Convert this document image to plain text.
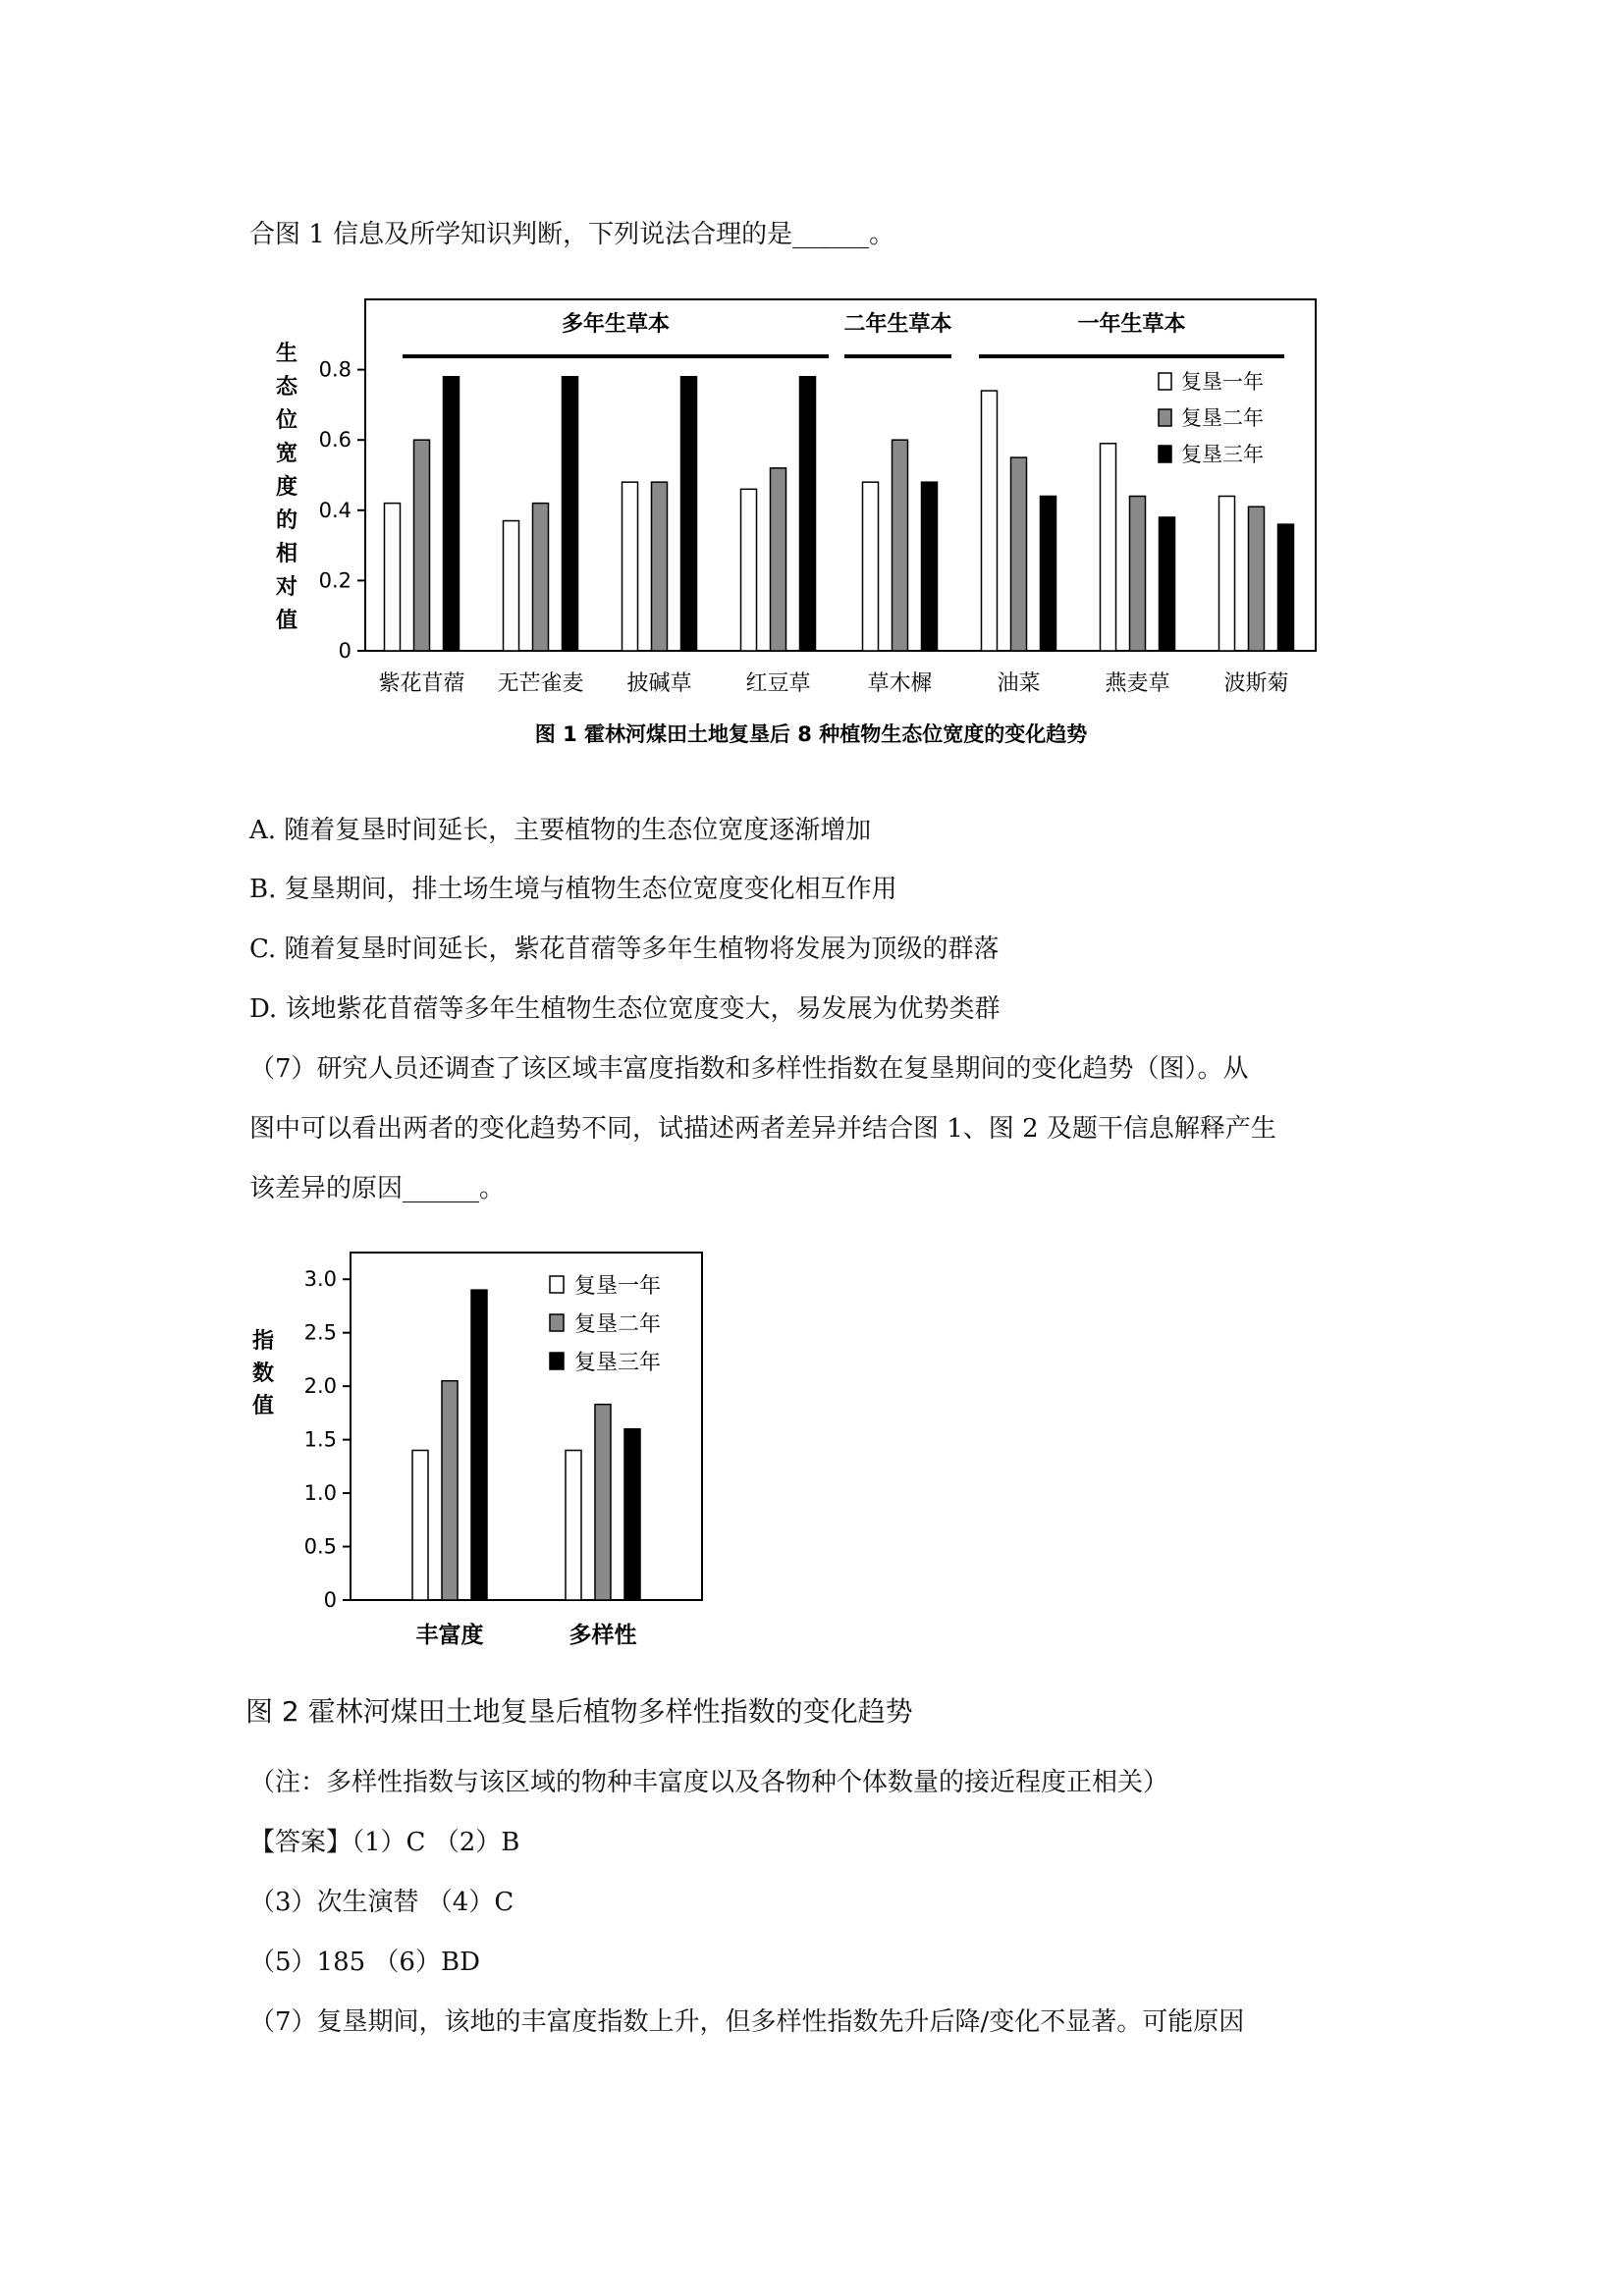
合图 1 信息及所学知识判断，下列说法合理的是______。
0
0.2
0.4
0.6
0.8
生
态
位
宽
度
的
相
对
值
紫花苜蓿 无芒雀麦 披碱草 红豆草	草木樨	油菜	燕麦草 波斯菊
多年生草本	二年生草本	一年生草本
复垦一年
复垦二年
复垦三年
图 1 霍林河煤田土地复垦后 8 种植物生态位宽度的变化趋势
A. 随着复垦时间延长，主要植物的生态位宽度逐渐增加
B. 复垦期间，排土场生境与植物生态位宽度变化相互作用
C. 随着复垦时间延长，紫花苜蓿等多年生植物将发展为顶级的群落
D. 该地紫花苜蓿等多年生植物生态位宽度变大，易发展为优势类群
（7）研究人员还调查了该区域丰富度指数和多样性指数在复垦期间的变化趋势（图）。从
图中可以看出两者的变化趋势不同，试描述两者差异并结合图 1、图 2 及题干信息解释产生
该差异的原因______。
0
0.5
1.0
1.5
2.0
2.5
3.0
指
数
值
丰富度	多样性
复垦一年
复垦二年
复垦三年
图 2 霍林河煤田土地复垦后植物多样性指数的变化趋势
（注：多样性指数与该区域的物种丰富度以及各物种个体数量的接近程度正相关）
【答案】（1）C （2）B
（3）次生演替 （4）C
（5）185 （6）BD
（7）复垦期间，该地的丰富度指数上升，但多样性指数先升后降/变化不显著。可能原因
